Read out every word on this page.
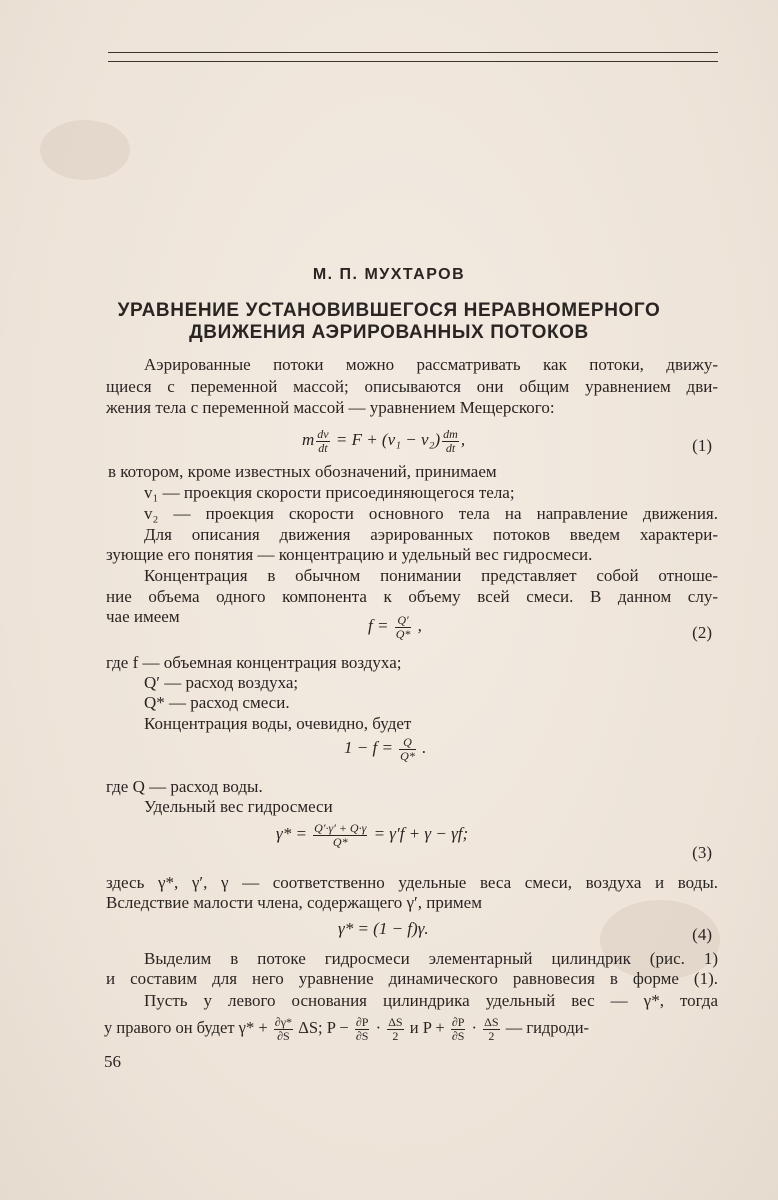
М. П. МУХТАРОВ
УРАВНЕНИЕ УСТАНОВИВШЕГОСЯ НЕРАВНОМЕРНОГО
ДВИЖЕНИЯ АЭРИРОВАННЫХ ПОТОКОВ
Аэрированные потоки можно рассматривать как потоки, движу-
щиеся с переменной массой; описываются они общим уравнением дви-
жения тела с переменной массой — уравнением Мещерского:
m $\frac{dv}{dt} = F + (v_1 - v_2) \frac{dm}{dt}$ ,	(1)
в котором, кроме известных обозначений, принимаем
v₁ — проекция скорости присоединяющегося тела;
v₂ — проекция скорости основного тела на направление движения.
Для описания движения аэрированных потоков введем характери-
зующие его понятия — концентрацию и удельный вес гидросмеси.
Концентрация в обычном понимании представляет собой отноше-
ние объема одного компонента к объему всей смеси. В данном слу-
чае имеем	$f = \frac{Q'}{Q*}$ ,	(2)
где f — объемная концентрация воздуха;
Q′ — расход воздуха;
Q* — расход смеси.
Концентрация воды, очевидно, будет
$1 - f = \frac{Q}{Q*}$ .
где Q — расход воды.
Удельный вес гидросмеси
$\gamma* = \frac{Q'\cdot\gamma' + Q\cdot\gamma}{Q*} = \gamma'f + \gamma - \gamma f$;
(3)
здесь γ*, γ′, γ — соответственно удельные веса смеси, воздуха и воды.
Вследствие малости члена, содержащего γ′, примем
γ* = (1 − f)γ.	(4)
Выделим в потоке гидросмеси элементарный цилиндрик (рис. 1)
и составим для него уравнение динамического равновесия в форме (1).
Пусть у левого основания цилиндрика удельный вес — γ*, тогда
у правого он будет $\gamma* + \frac{\partial\gamma*}{\partial S} \Delta S$; $P - \frac{\partial P}{\partial S} \cdot \frac{\Delta S}{2}$ и $P + \frac{\partial P}{\partial S} \cdot \frac{\Delta S}{2}$ — гидроди-
56
